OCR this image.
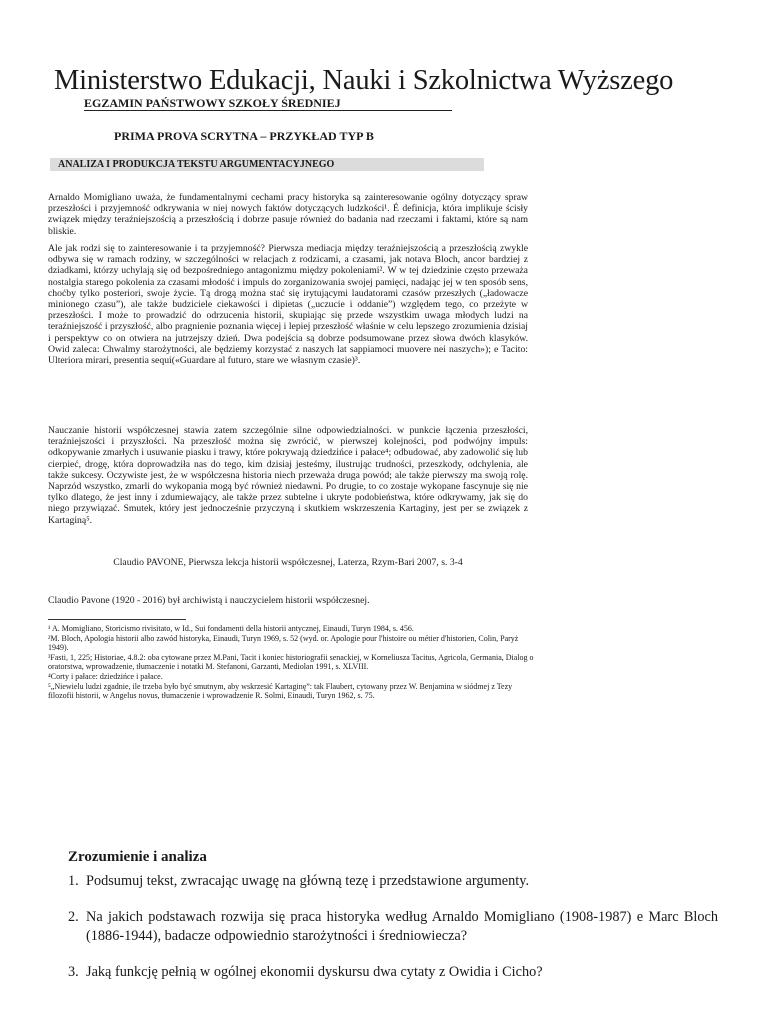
Ministerstwo Edukacji, Nauki i Szkolnictwa Wyższego
EGZAMIN PAŃSTWOWY SZKOŁY ŚREDNIEJ
PRIMA PROVA SCRYTNA – PRZYKŁAD TYP B
ANALIZA I PRODUKCJA TEKSTU ARGUMENTACYJNEGO

Arnaldo Momigliano uważa, że fundamentalnymi cechami pracy historyka są zainteresowanie ogólny dotyczący spraw przeszłości i przyjemność odkrywania w niej nowych faktów dotyczących ludzkości¹. É definicja, która implikuje ścisły związek między teraźniejszością a przeszłością i dobrze pasuje również do badania nad rzeczami i faktami, które są nam bliskie.

Ale jak rodzi się to zainteresowanie i ta przyjemność? Pierwsza mediacja między teraźniejszością a przeszłością zwykle odbywa się w ramach rodziny, w szczególności w relacjach z rodzicami, a czasami, jak notava Bloch, ancor bardziej z dziadkami, którzy uchylają się od bezpośredniego antagonizmu między pokoleniami². W w tej dziedzinie często przeważa nostalgia starego pokolenia za czasami młodość i impuls do zorganizowania swojej pamięci, nadając jej w ten sposób sens, choćby tylko posteriori, swoje życie. Tą drogą można stać się irytującymi laudatorami czasów przeszłych („ładowacze minionego czasu”), ale także budziciele ciekawości i dipietas („uczucie i oddanie”) względem tego, co przeżyte w przeszłości. I może to prowadzić do odrzucenia historii, skupiając się przede wszystkim uwaga młodych ludzi na teraźniejszość i przyszłość, albo pragnienie poznania więcej i lepiej przeszłość właśnie w celu lepszego zrozumienia dzisiaj i perspektyw co on otwiera na jutrzejszy dzień. Dwa podejścia są dobrze podsumowane przez słowa dwóch klasyków. Owid zaleca: Chwalmy starożytności, ale będziemy korzystać z naszych lat sappiamoci muovere nei naszych»); e Tacito: Ulteriora mirari, presentia sequi(«Guardare al futuro, stare we własnym czasie)³.

Nauczanie historii współczesnej stawia zatem szczególnie silne odpowiedzialności. w punkcie łączenia przeszłości, teraźniejszości i przyszłości. Na przeszłość można się zwrócić, w pierwszej kolejności, pod podwójny impuls: odkopywanie zmarłych i usuwanie piasku i trawy, które pokrywają dziedzińce i pałace⁴; odbudować, aby zadowolić się lub cierpieć, drogę, która doprowadziła nas do tego, kim dzisiaj jesteśmy, ilustrując trudności, przeszkody, odchylenia, ale także sukcesy. Oczywiste jest, że w współczesna historia niech przeważa druga powód; ale także pierwszy ma swoją rolę. Naprzód wszystko, zmarli do wykopania mogą być również niedawni. Po drugie, to co zostaje wykopane fascynuje się nie tylko dlatego, że jest inny i zdumiewający, ale także przez subtelne i ukryte podobieństwa, które odkrywamy, jak się do niego przywiązać. Smutek, który jest jednocześnie przyczyną i skutkiem wskrzeszenia Kartaginy, jest per se związek z Kartaginą⁵.

Claudio PAVONE, Pierwsza lekcja historii współczesnej, Laterza, Rzym-Bari 2007, s. 3-4
Claudio Pavone (1920 - 2016) był archiwistą i nauczycielem historii współczesnej.
¹ A. Momigliano, Storicismo rivisitato, w Id., Sui fondamenti della historii antycznej, Einaudi, Turyn 1984, s. 456.
²M. Bloch, Apologia historii albo zawód historyka, Einaudi, Turyn 1969, s. 52 (wyd. or. Apologie pour l'histoire ou métier d'historien, Colin, Paryż 1949).
³Fasti, 1, 225; Historiae, 4.8.2: oba cytowane przez M.Pani, Tacit i koniec historiografii senackiej, w Korneliusza Tacitus, Agricola, Germania, Dialog o oratorstwa, wprowadzenie, tłumaczenie i notatki M. Stefanoni, Garzanti, Mediolan 1991, s. XLVIII.
⁴Corty i pałace: dziedzińce i pałace.
⁵„Niewielu ludzi zgadnie, ile trzeba było być smutnym, aby wskrzesić Kartaginę”: tak Flaubert, cytowany przez W. Benjamina w siódmej z Tezy filozofii historii, w Angelus novus, tłumaczenie i wprowadzenie R. Solmi, Einaudi, Turyn 1962, s. 75.
Zrozumienie i analiza
1. Podsumuj tekst, zwracając uwagę na główną tezę i przedstawione argumenty.
2. Na jakich podstawach rozwija się praca historyka według Arnaldo Momigliano (1908-1987) e Marc Bloch (1886-1944), badacze odpowiednio starożytności i średniowiecza?
3. Jaką funkcję pełnią w ogólnej ekonomii dyskursu dwa cytaty z Owidia i Cicho?
